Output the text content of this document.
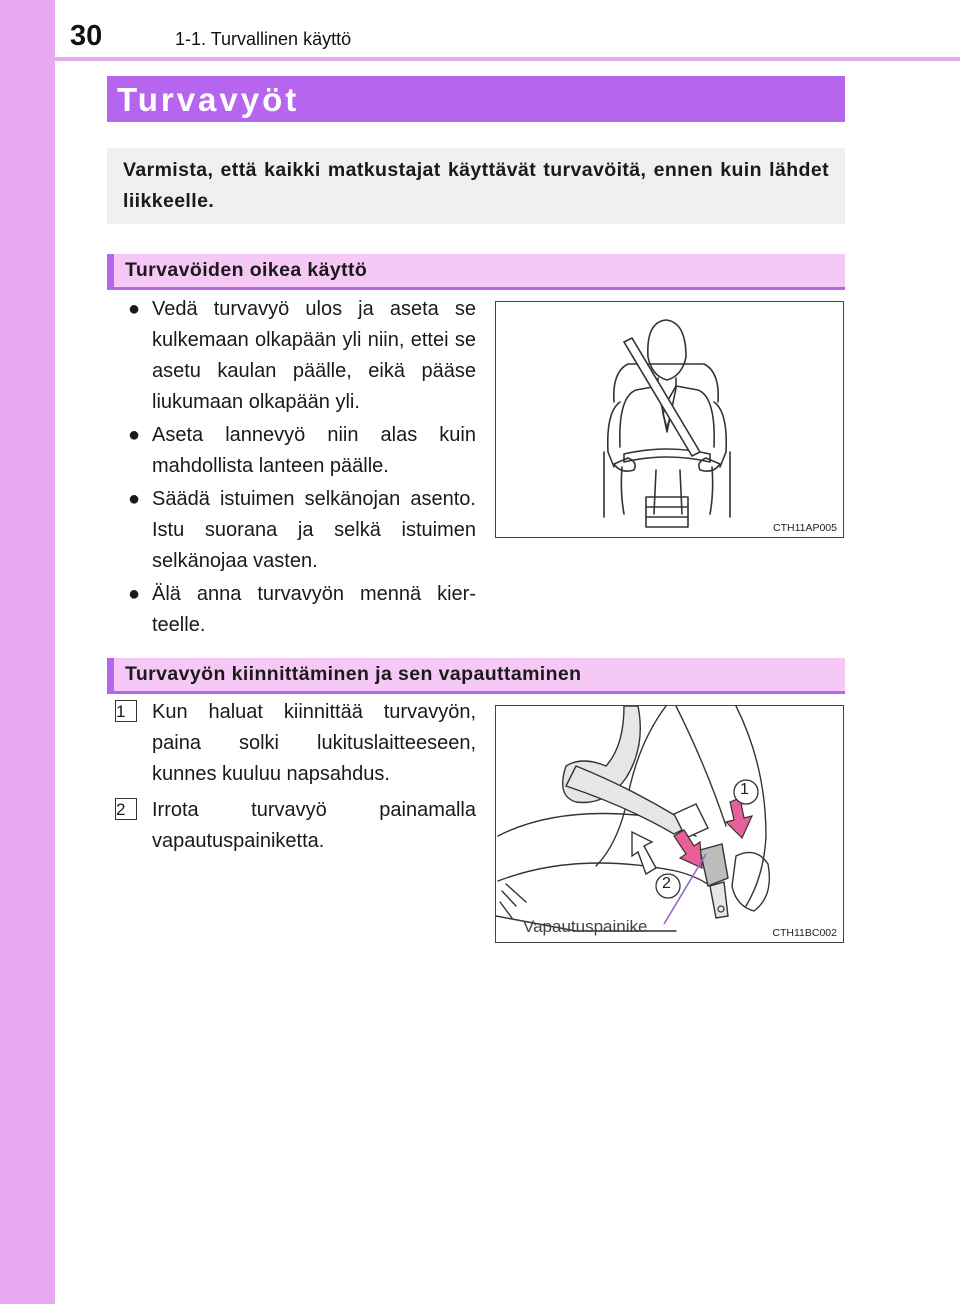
30	1-1. Turvallinen käyttö
Turvavyöt
Varmista, että kaikki matkustajat käyttävät turvavöitä, ennen kuin lähdet liikkeelle.
Turvavöiden oikea käyttö
● Vedä turvavyö ulos ja aseta se kulkemaan olkapään yli niin, ettei se asetu kaulan päälle, eikä pääse liukumaan olkapään yli.
● Aseta lannevyö niin alas kuin mahdollista lanteen päälle.
● Säädä istuimen selkänojan asento. Istu suorana ja selkä istuimen selkänojaa vasten.
● Älä anna turvavyön mennä kier-teelle.
CTH11AP005
Turvavyön kiinnittäminen ja sen vapauttaminen
1	Kun haluat kiinnittää turvavyön, paina solki lukituslaitteeseen, kunnes kuuluu napsahdus.
2	Irrota turvavyö painamalla vapautuspainiketta.
1
2
Vapautuspainike	CTH11BC002
